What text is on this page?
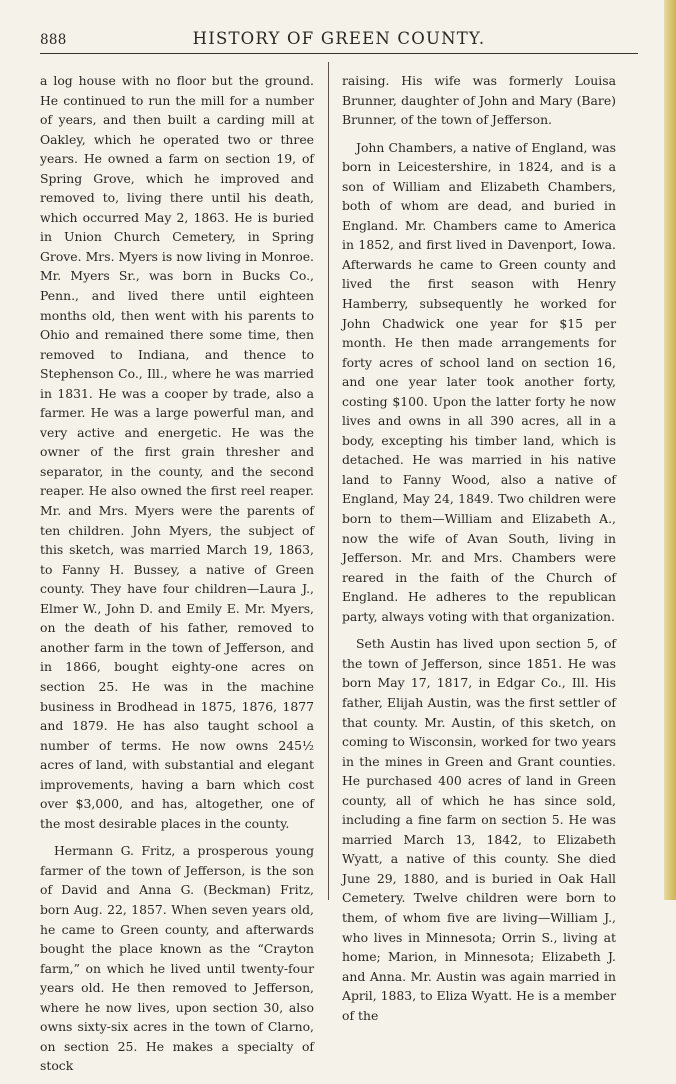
888	HISTORY OF GREEN COUNTY.

a log house with no floor but the ground. He continued to run the mill for a number of years, and then built a carding mill at Oakley, which he operated two or three years. He owned a farm on section 19, of Spring Grove, which he improved and removed to, living there until his death, which occurred May 2, 1863. He is buried in Union Church Cemetery, in Spring Grove. Mrs. Myers is now living in Monroe. Mr. Myers Sr., was born in Bucks Co., Penn., and lived there until eighteen months old, then went with his parents to Ohio and remained there some time, then removed to Indiana, and thence to Stephenson Co., Ill., where he was married in 1831. He was a cooper by trade, also a farmer. He was a large powerful man, and very active and energetic. He was the owner of the first grain thresher and separator, in the county, and the second reaper. He also owned the first reel reaper. Mr. and Mrs. Myers were the parents of ten children. John Myers, the subject of this sketch, was married March 19, 1863, to Fanny H. Bussey, a native of Green county. They have four children—Laura J., Elmer W., John D. and Emily E. Mr. Myers, on the death of his father, removed to another farm in the town of Jefferson, and in 1866, bought eighty-one acres on section 25. He was in the machine business in Brodhead in 1875, 1876, 1877 and 1879. He has also taught school a number of terms. He now owns 245½ acres of land, with substantial and elegant improvements, having a barn which cost over $3,000, and has, altogether, one of the most desirable places in the county.

Hermann G. Fritz, a prosperous young farmer of the town of Jefferson, is the son of David and Anna G. (Beckman) Fritz, born Aug. 22, 1857. When seven years old, he came to Green county, and afterwards bought the place known as the “Crayton farm,” on which he lived until twenty-four years old. He then removed to Jefferson, where he now lives, upon section 30, also owns sixty-six acres in the town of Clarno, on section 25. He makes a specialty of stock

raising. His wife was formerly Louisa Brunner, daughter of John and Mary (Bare) Brunner, of the town of Jefferson.

John Chambers, a native of England, was born in Leicestershire, in 1824, and is a son of William and Elizabeth Chambers, both of whom are dead, and buried in England. Mr. Chambers came to America in 1852, and first lived in Davenport, Iowa. Afterwards he came to Green county and lived the first season with Henry Hamberry, subsequently he worked for John Chadwick one year for $15 per month. He then made arrangements for forty acres of school land on section 16, and one year later took another forty, costing $100. Upon the latter forty he now lives and owns in all 390 acres, all in a body, excepting his timber land, which is detached. He was married in his native land to Fanny Wood, also a native of England, May 24, 1849. Two children were born to them—William and Elizabeth A., now the wife of Avan South, living in Jefferson. Mr. and Mrs. Chambers were reared in the faith of the Church of England. He adheres to the republican party, always voting with that organization.

Seth Austin has lived upon section 5, of the town of Jefferson, since 1851. He was born May 17, 1817, in Edgar Co., Ill. His father, Elijah Austin, was the first settler of that county. Mr. Austin, of this sketch, on coming to Wisconsin, worked for two years in the mines in Green and Grant counties. He purchased 400 acres of land in Green county, all of which he has since sold, including a fine farm on section 5. He was married March 13, 1842, to Elizabeth Wyatt, a native of this county. She died June 29, 1880, and is buried in Oak Hall Cemetery. Twelve children were born to them, of whom five are living—William J., who lives in Minnesota; Orrin S., living at home; Marion, in Minnesota; Elizabeth J. and Anna. Mr. Austin was again married in April, 1883, to Eliza Wyatt. He is a member of the
